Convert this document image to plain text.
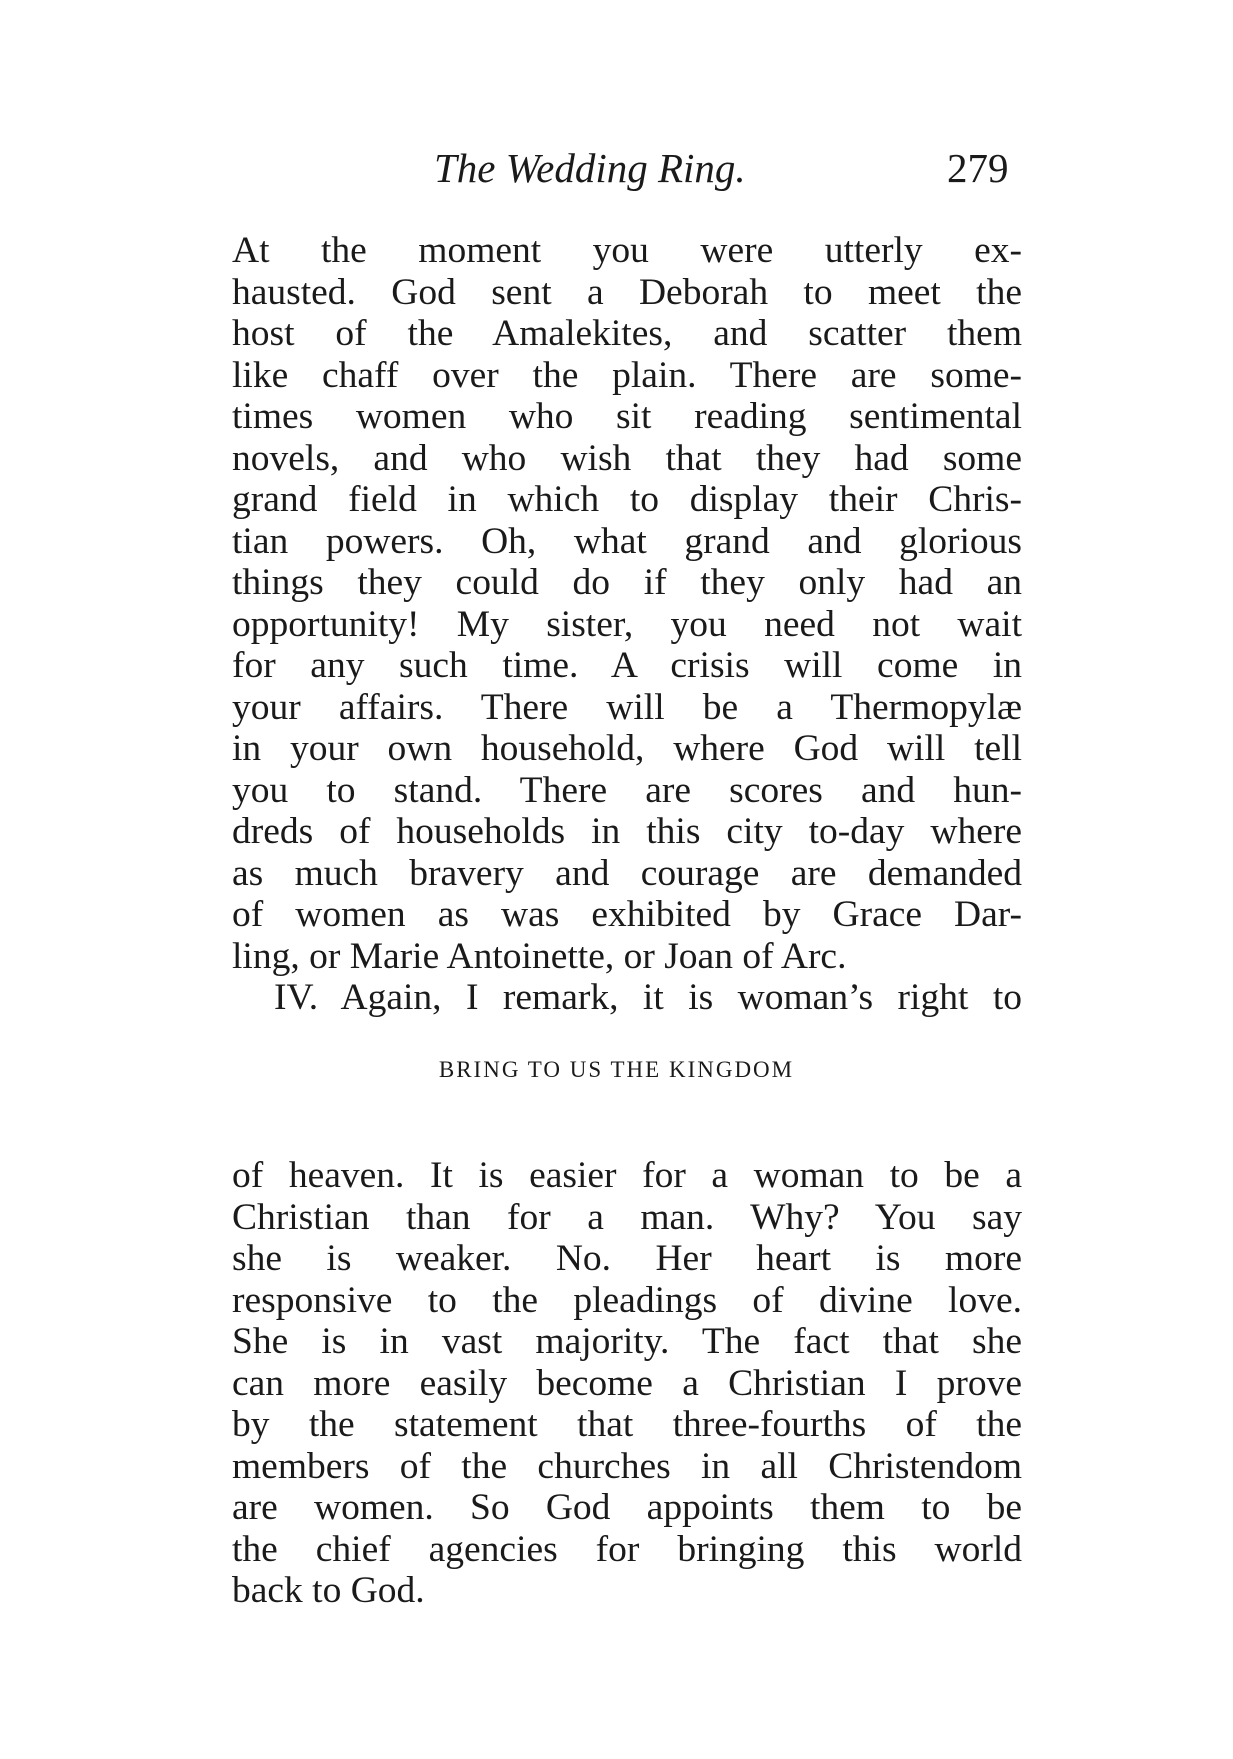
The Wedding Ring.	279
At the moment you were utterly ex-
hausted. God sent a Deborah to meet the
host of the Amalekites, and scatter them
like chaff over the plain. There are some-
times women who sit reading sentimental
novels, and who wish that they had some
grand field in which to display their Chris-
tian powers. Oh, what grand and glorious
things they could do if they only had an
opportunity! My sister, you need not wait
for any such time. A crisis will come in
your affairs. There will be a Thermopylæ
in your own household, where God will tell
you to stand. There are scores and hun-
dreds of households in this city to-day where
as much bravery and courage are demanded
of women as was exhibited by Grace Dar-
ling, or Marie Antoinette, or Joan of Arc.
IV. Again, I remark, it is woman’s right to
BRING TO US THE KINGDOM
of heaven. It is easier for a woman to be a
Christian than for a man. Why? You say
she is weaker. No. Her heart is more
responsive to the pleadings of divine love.
She is in vast majority. The fact that she
can more easily become a Christian I prove
by the statement that three-fourths of the
members of the churches in all Christendom
are women. So God appoints them to be
the chief agencies for bringing this world
back to God.
